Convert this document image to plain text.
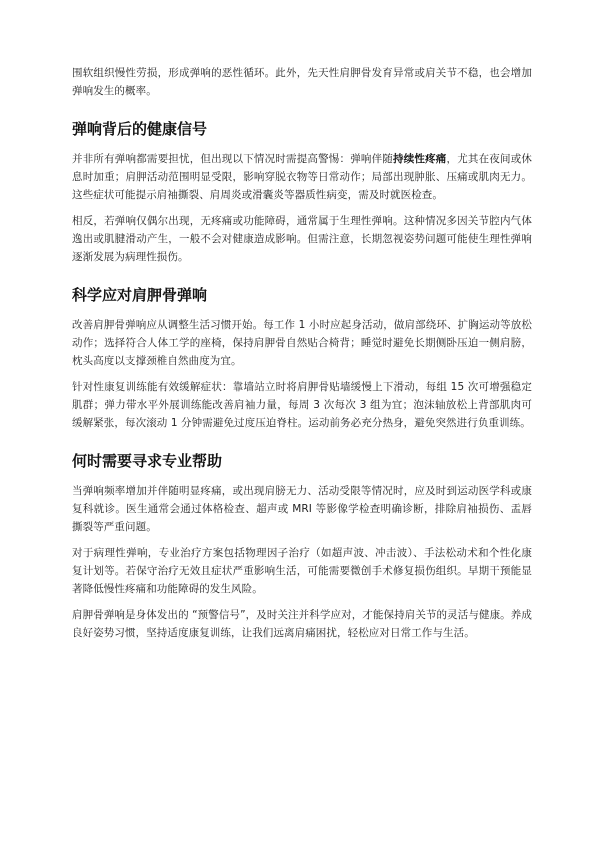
围软组织慢性劳损，形成弹响的恶性循环。此外，先天性肩胛骨发育异常或肩关节不稳，也会增加弹响发生的概率。

弹响背后的健康信号

并非所有弹响都需要担忧，但出现以下情况时需提高警惕：弹响伴随持续性疼痛，尤其在夜间或休息时加重；肩胛活动范围明显受限，影响穿脱衣物等日常动作；局部出现肿胀、压痛或肌肉无力。这些症状可能提示肩袖撕裂、肩周炎或滑囊炎等器质性病变，需及时就医检查。

相反，若弹响仅偶尔出现，无疼痛或功能障碍，通常属于生理性弹响。这种情况多因关节腔内气体逸出或肌腱滑动产生，一般不会对健康造成影响。但需注意，长期忽视姿势问题可能使生理性弹响逐渐发展为病理性损伤。

科学应对肩胛骨弹响

改善肩胛骨弹响应从调整生活习惯开始。每工作 1 小时应起身活动，做肩部绕环、扩胸运动等放松动作；选择符合人体工学的座椅，保持肩胛骨自然贴合椅背；睡觉时避免长期侧卧压迫一侧肩膀，枕头高度以支撑颈椎自然曲度为宜。

针对性康复训练能有效缓解症状：靠墙站立时将肩胛骨贴墙缓慢上下滑动，每组 15 次可增强稳定肌群；弹力带水平外展训练能改善肩袖力量，每周 3 次每次 3 组为宜；泡沫轴放松上背部肌肉可缓解紧张，每次滚动 1 分钟需避免过度压迫脊柱。运动前务必充分热身，避免突然进行负重训练。

何时需要寻求专业帮助

当弹响频率增加并伴随明显疼痛，或出现肩膀无力、活动受限等情况时，应及时到运动医学科或康复科就诊。医生通常会通过体格检查、超声或 MRI 等影像学检查明确诊断，排除肩袖损伤、盂唇撕裂等严重问题。

对于病理性弹响，专业治疗方案包括物理因子治疗（如超声波、冲击波）、手法松动术和个性化康复计划等。若保守治疗无效且症状严重影响生活，可能需要微创手术修复损伤组织。早期干预能显著降低慢性疼痛和功能障碍的发生风险。

肩胛骨弹响是身体发出的 “预警信号”，及时关注并科学应对，才能保持肩关节的灵活与健康。养成良好姿势习惯，坚持适度康复训练，让我们远离肩痛困扰，轻松应对日常工作与生活。
